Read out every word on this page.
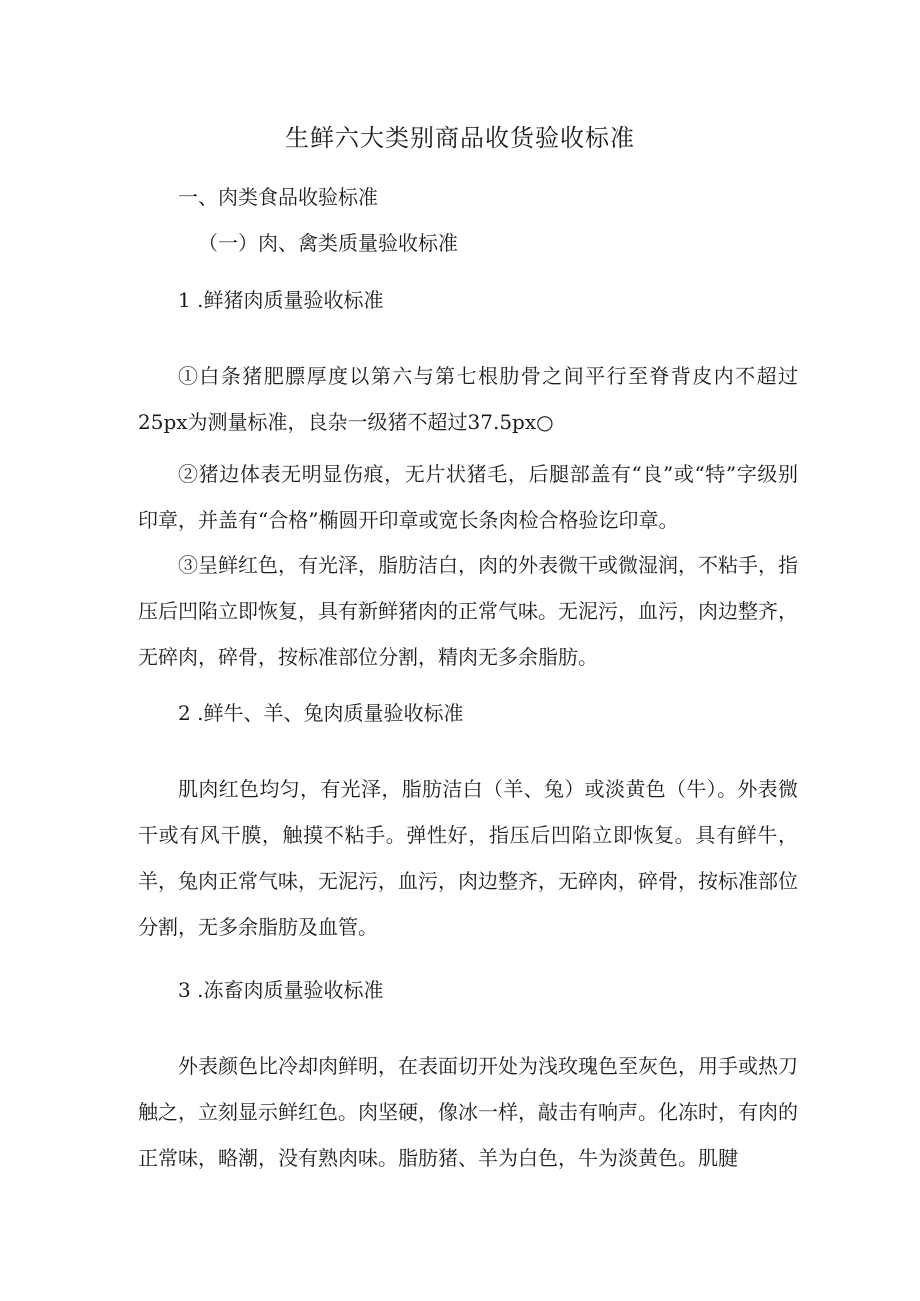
生鲜六大类别商品收货验收标准
一、肉类食品收验标准
（一）肉、禽类质量验收标准
1 .鲜猪肉质量验收标准
①白条猪肥膘厚度以第六与第七根肋骨之间平行至脊背皮内不超过25px为测量标准，良杂一级猪不超过37.5px○
②猪边体表无明显伤痕，无片状猪毛，后腿部盖有“良”或“特”字级别印章，并盖有“合格”椭圆开印章或宽长条肉检合格验讫印章。
③呈鲜红色，有光泽，脂肪洁白，肉的外表微干或微湿润，不粘手，指压后凹陷立即恢复，具有新鲜猪肉的正常气味。无泥污，血污，肉边整齐，无碎肉，碎骨，按标准部位分割，精肉无多余脂肪。
2 .鲜牛、羊、兔肉质量验收标准
肌肉红色均匀，有光泽，脂肪洁白（羊、兔）或淡黄色（牛）。外表微干或有风干膜，触摸不粘手。弹性好，指压后凹陷立即恢复。具有鲜牛，羊，兔肉正常气味，无泥污，血污，肉边整齐，无碎肉，碎骨，按标准部位分割，无多余脂肪及血管。
3 .冻畜肉质量验收标准
外表颜色比冷却肉鲜明，在表面切开处为浅玫瑰色至灰色，用手或热刀触之，立刻显示鲜红色。肉坚硬，像冰一样，敲击有响声。化冻时，有肉的正常味，略潮，没有熟肉味。脂肪猪、羊为白色，牛为淡黄色。肌腱
